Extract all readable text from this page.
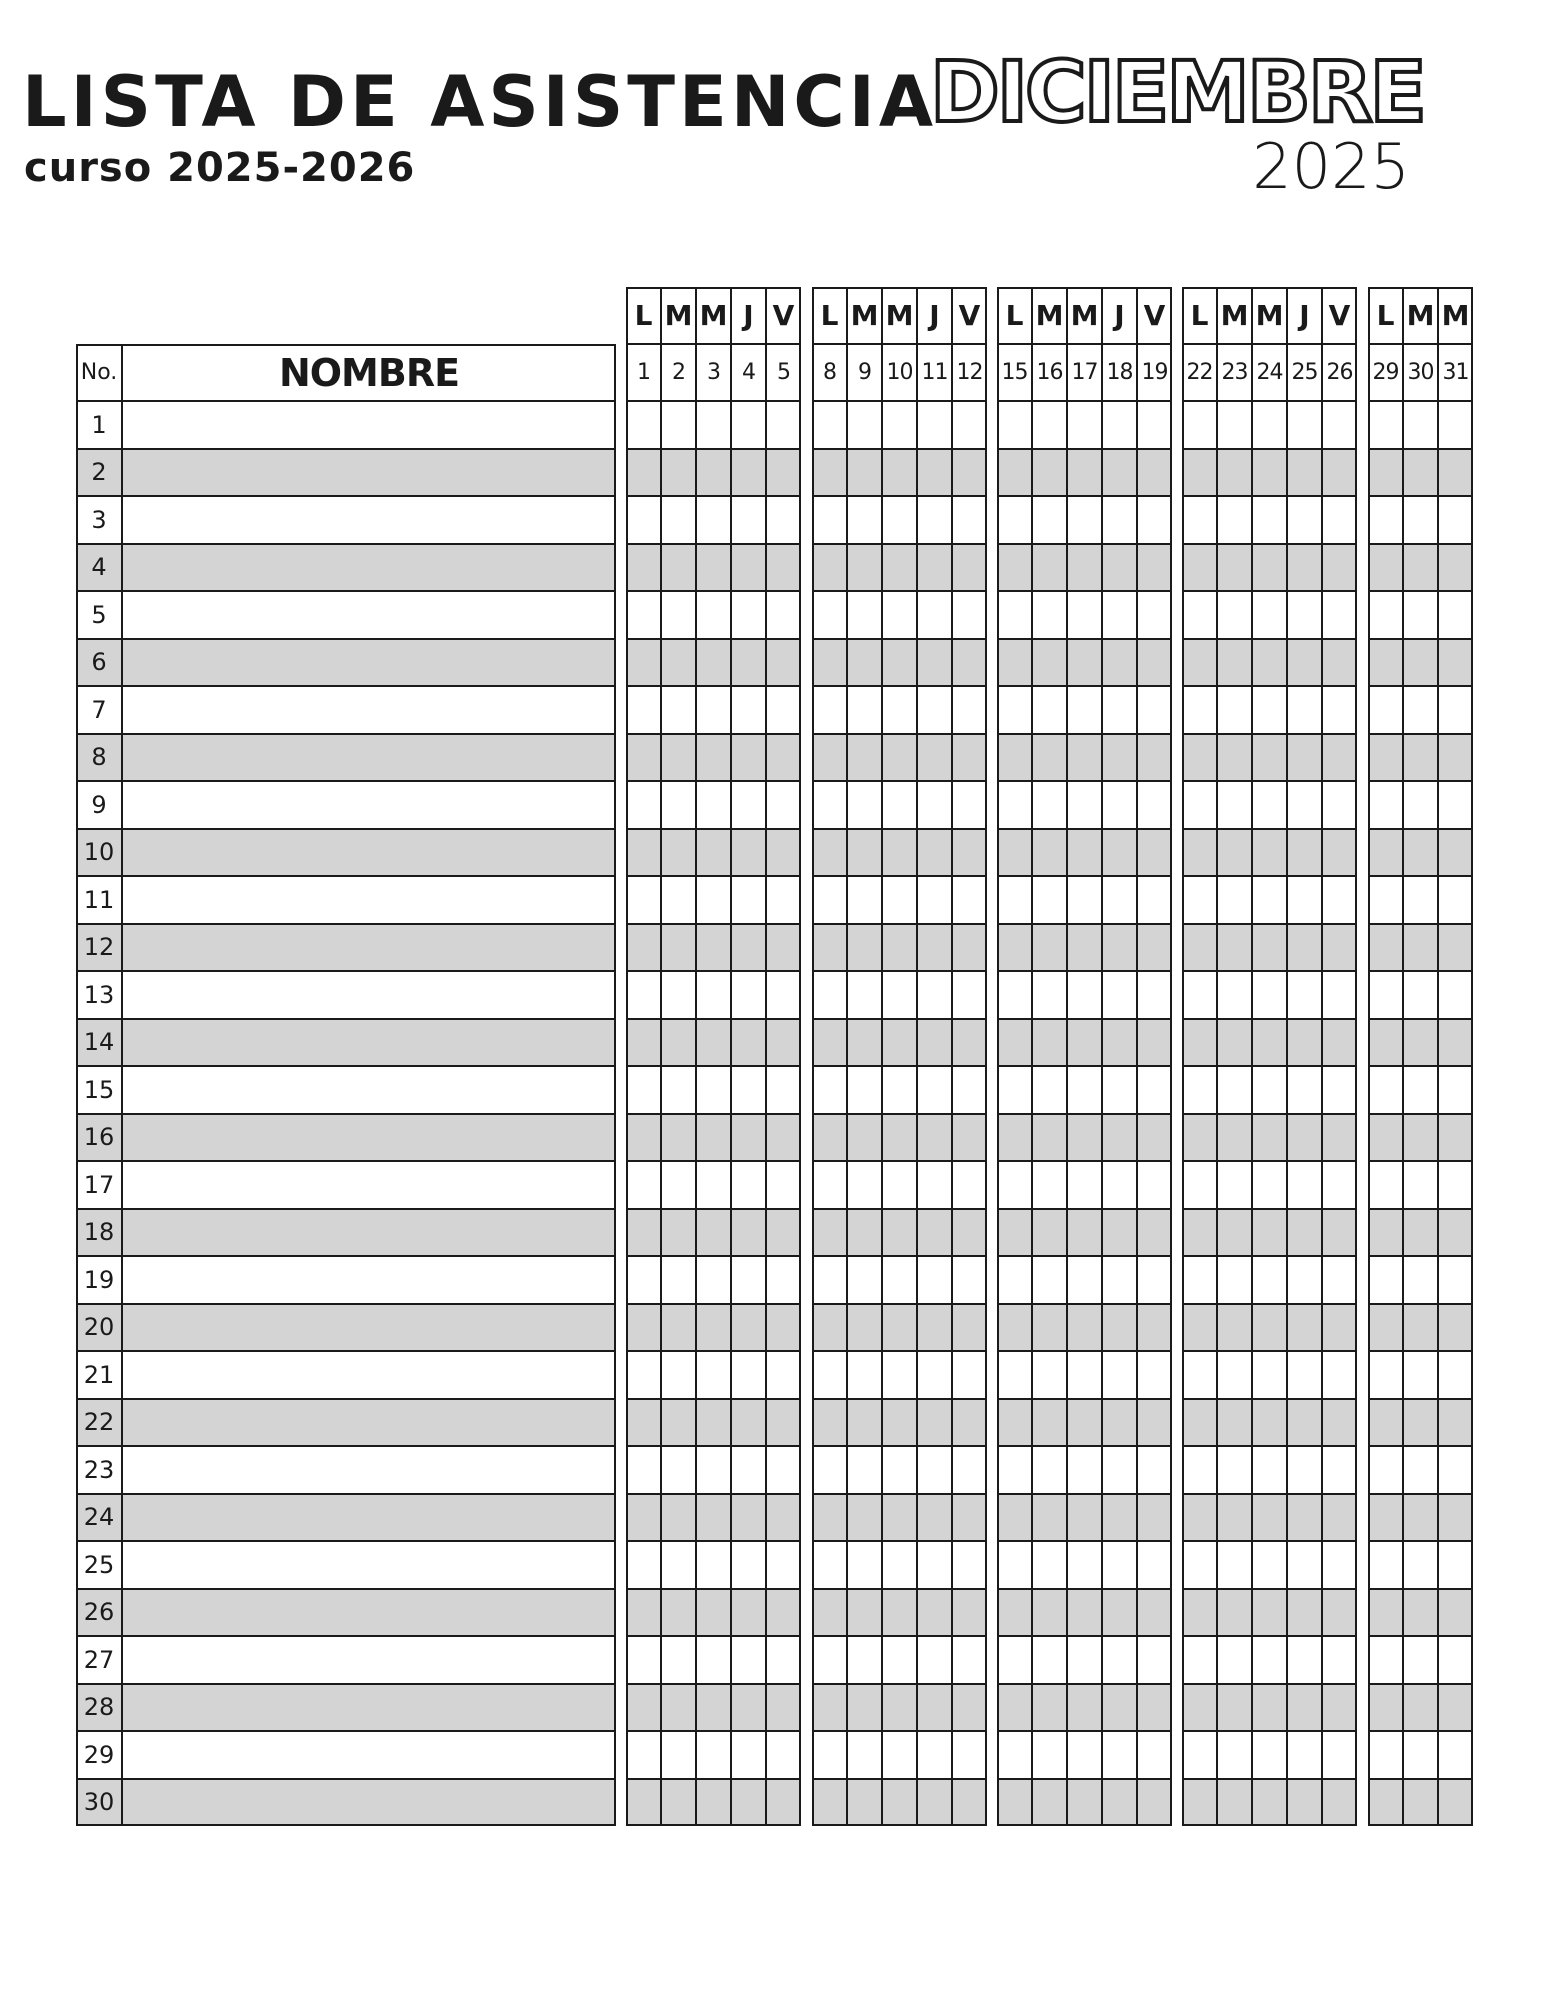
LISTA DE ASISTENCIA
curso 2025-2026
DICIEMBRE
2025
No.	NOMBRE
1
2
3
4
5
6
7
8
9
10
11
12
13
14
15
16
17
18
19
20
21
22
23
24
25
26
27
28
29
30
L
1
M
2
M
3
J
4
V
5
L
8
M
9
M
10
J
11
V
12
L
15
M
16
M
17
J
18
V
19
L
22
M
23
M
24
J
25
V
26
L
29
M
30
M
31
